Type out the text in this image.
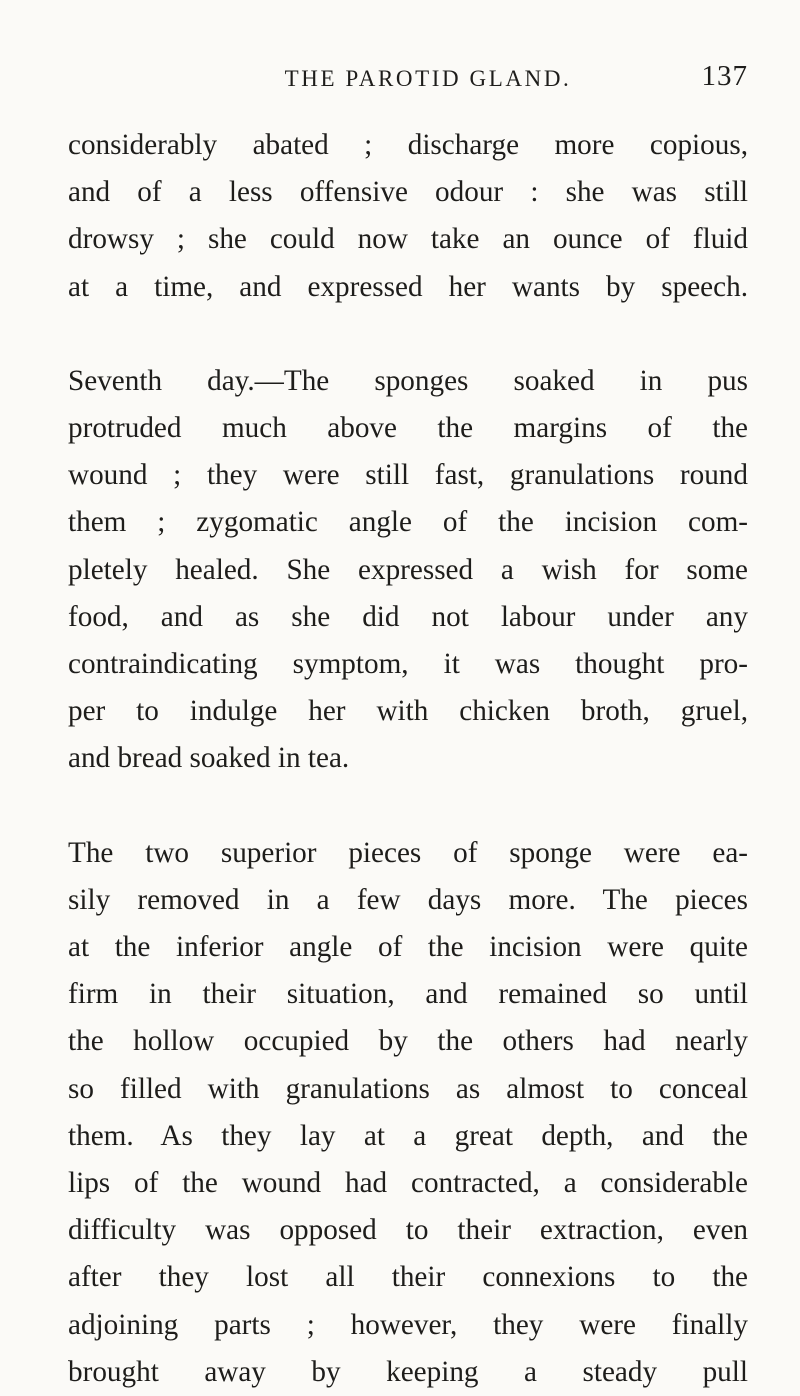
THE PAROTID GLAND.	137

considerably abated ; discharge more copious,
and of a less offensive odour : she was still
drowsy ; she could now take an ounce of fluid
at a time, and expressed her wants by speech.

Seventh day.—The sponges soaked in pus
protruded much above the margins of the
wound ; they were still fast, granulations round
them ; zygomatic angle of the incision com-
pletely healed. She expressed a wish for some
food, and as she did not labour under any
contraindicating symptom, it was thought pro-
per to indulge her with chicken broth, gruel,
and bread soaked in tea.

The two superior pieces of sponge were ea-
sily removed in a few days more. The pieces
at the inferior angle of the incision were quite
firm in their situation, and remained so until
the hollow occupied by the others had nearly
so filled with granulations as almost to conceal
them. As they lay at a great depth, and the
lips of the wound had contracted, a considerable
difficulty was opposed to their extraction, even
after they lost all their connexions to the
adjoining parts ; however, they were finally
brought away by keeping a steady pull
